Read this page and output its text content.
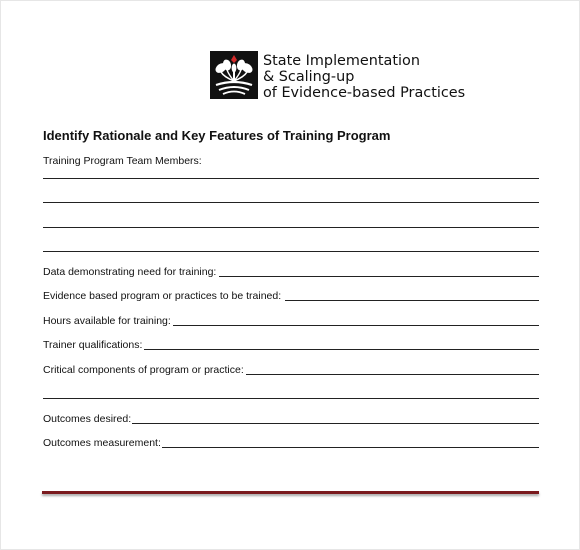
State Implementation
& Scaling-up
of Evidence-based Practices
Identify Rationale and Key Features of Training Program
Training Program Team Members:
Data demonstrating need for training:
Evidence based program or practices to be trained:
Hours available for training:
Trainer qualifications:
Critical components of program or practice:
Outcomes desired:
Outcomes measurement:
